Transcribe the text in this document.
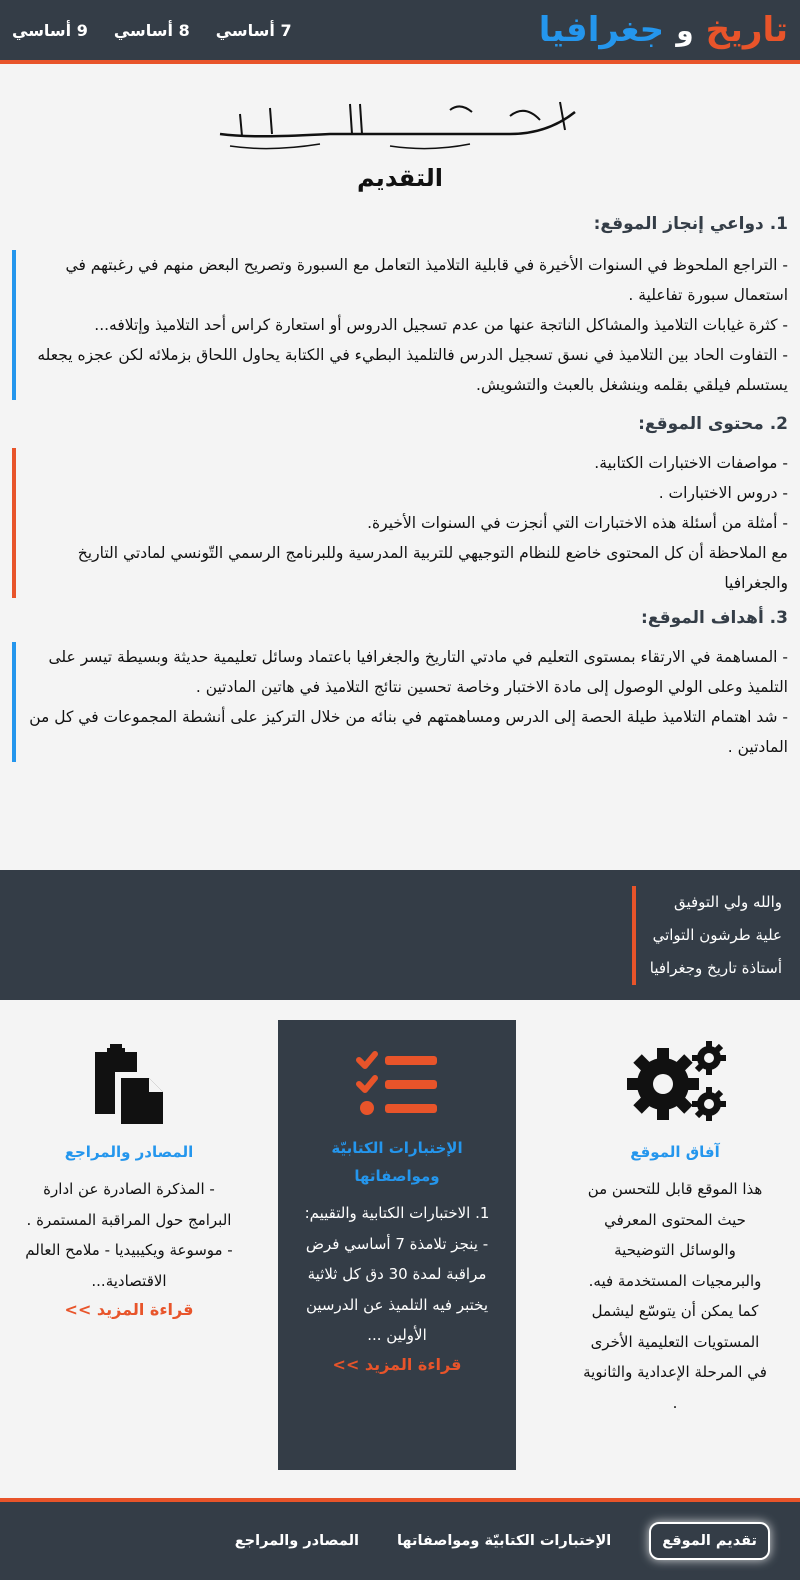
تاريخ
و
جغرافيا
7 أساسي
8 أساسي
9 أساسي
التقديم
1. دواعي إنجاز الموقع:

- التراجع الملحوظ في السنوات الأخيرة في قابلية التلاميذ التعامل مع السبورة وتصريح البعض منهم في رغبتهم في استعمال سبورة تفاعلية .

- كثرة غيابات التلاميذ والمشاكل الناتجة عنها من عدم تسجيل الدروس أو استعارة كراس أحد التلاميذ وإتلافه...

- التفاوت الحاد بين التلاميذ في نسق تسجيل الدرس فالتلميذ البطيء في الكتابة يحاول اللحاق بزملائه لكن عجزه يجعله يستسلم فيلقي بقلمه وينشغل بالعبث والتشويش.

2. محتوى الموقع:

- مواصفات الاختبارات الكتابية.

- دروس الاختبارات .

- أمثلة من أسئلة هذه الاختبارات التي أنجزت في السنوات الأخيرة.

مع الملاحظة أن كل المحتوى خاضع للنظام التوجيهي للتربية المدرسية وللبرنامج الرسمي التّونسي لمادتي التاريخ والجغرافيا

3. أهداف الموقع:

- المساهمة في الارتقاء بمستوى التعليم في مادتي التاريخ والجغرافيا باعتماد وسائل تعليمية حديثة وبسيطة تيسر على التلميذ وعلى الولي الوصول إلى مادة الاختبار وخاصة تحسين نتائج التلاميذ في هاتين المادتين .

- شد اهتمام التلاميذ طيلة الحصة إلى الدرس ومساهمتهم في بنائه من خلال التركيز على أنشطة المجموعات في كل من المادتين .

والله ولي التوفيق

علية طرشون التواتي

أستاذة تاريخ وجغرافيا

آفاق الموقع
هذا الموقع قابل للتحسن من حيث المحتوى المعرفي والوسائل التوضيحية والبرمجيات المستخدمة فيه. كما يمكن أن يتوسّع ليشمل المستويات التعليمية الأخرى في المرحلة الإعدادية والثانوية .
الإختبارات الكتابيّة ومواصفاتها
1. الاختبارات الكتابية والتقييم: - ينجز تلامذة 7 أساسي فرض مراقبة لمدة 30 دق كل ثلاثية يختبر فيه التلميذ عن الدرسين الأولين ...
قراءة المزيد >>
المصادر والمراجع
- المذكرة الصادرة عن ادارة البرامج حول المراقبة المستمرة . - موسوعة ويكيبيديا - ملامح العالم الاقتصادية...
قراءة المزيد >>
تقديم الموقع
الإختبارات الكتابيّة ومواصفاتها
المصادر والمراجع
